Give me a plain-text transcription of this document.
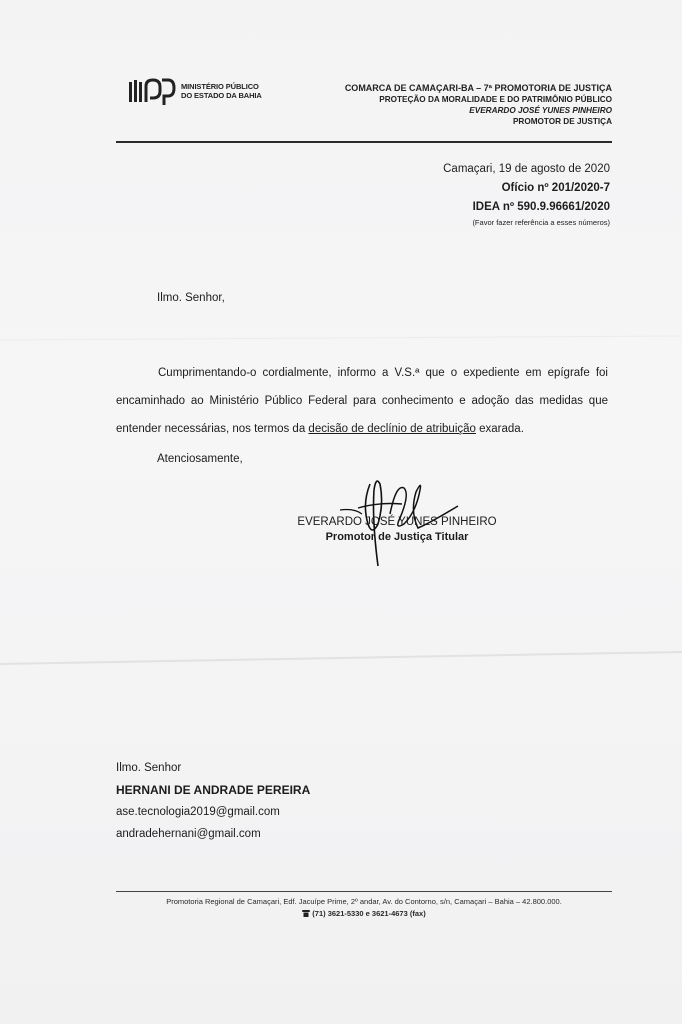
MINISTÉRIO PÚBLICO
DO ESTADO DA BAHIA
COMARCA DE CAMAÇARI-BA – 7ª PROMOTORIA DE JUSTIÇA
PROTEÇÃO DA MORALIDADE E DO PATRIMÔNIO PÚBLICO
EVERARDO JOSÉ YUNES PINHEIRO
PROMOTOR DE JUSTIÇA
Camaçari, 19 de agosto de 2020
Ofício nº 201/2020-7
IDEA nº 590.9.96661/2020
(Favor fazer referência a esses números)
Ilmo. Senhor,
Cumprimentando-o cordialmente, informo a V.S.ª que o expediente em epígrafe foi encaminhado ao Ministério Público Federal para conhecimento e adoção das medidas que entender necessárias, nos termos da decisão de declínio de atribuição exarada.
Atenciosamente,
EVERARDO JOSÉ YUNES PINHEIRO
Promotor de Justiça Titular
Ilmo. Senhor
HERNANI DE ANDRADE PEREIRA
ase.tecnologia2019@gmail.com
andradehernani@gmail.com
Promotoria Regional de Camaçari, Edf. Jacuípe Prime, 2º andar, Av. do Contorno, s/n, Camaçari – Bahia – 42.800.000.
(71) 3621-5330 e 3621-4673 (fax)
